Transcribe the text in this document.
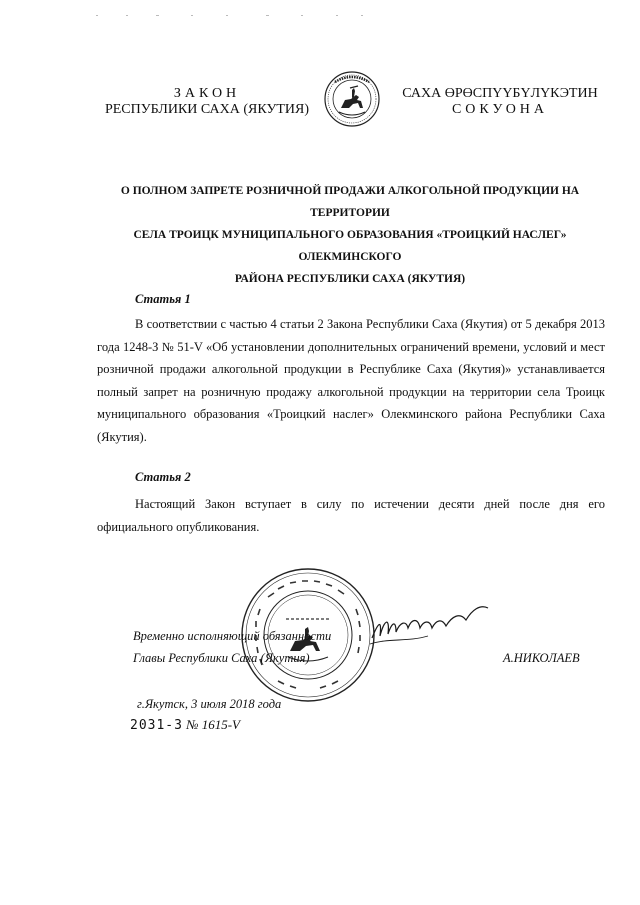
ЗАКОН
РЕСПУБЛИКИ САХА (ЯКУТИЯ)
САХА ӨРӨСПҮҮБҮЛҮКЭТИН
СОКУОНА
О ПОЛНОМ ЗАПРЕТЕ РОЗНИЧНОЙ ПРОДАЖИ АЛКОГОЛЬНОЙ ПРОДУКЦИИ НА ТЕРРИТОРИИ
СЕЛА ТРОИЦК МУНИЦИПАЛЬНОГО ОБРАЗОВАНИЯ «ТРОИЦКИЙ НАСЛЕГ» ОЛЕКМИНСКОГО
РАЙОНА РЕСПУБЛИКИ САХА (ЯКУТИЯ)
Статья 1
В соответствии с частью 4 статьи 2 Закона Республики Саха (Якутия) от 5 декабря 2013 года 1248-З № 51-V «Об установлении дополнительных ограничений времени, условий и мест розничной продажи алкогольной продукции в Республике Саха (Якутия)» устанавливается полный запрет на розничную продажу алкогольной продукции на территории села Троицк муниципального образования «Троицкий наслег» Олекминского района Республики Саха (Якутия).
Статья 2
Настоящий Закон вступает в силу по истечении десяти дней после дня его официального опубликования.
Временно исполняющий обязанности
Главы Республики Саха (Якутия)	А.НИКОЛАЕВ
г.Якутск, 3 июля 2018 года
2031-З № 1615-V
